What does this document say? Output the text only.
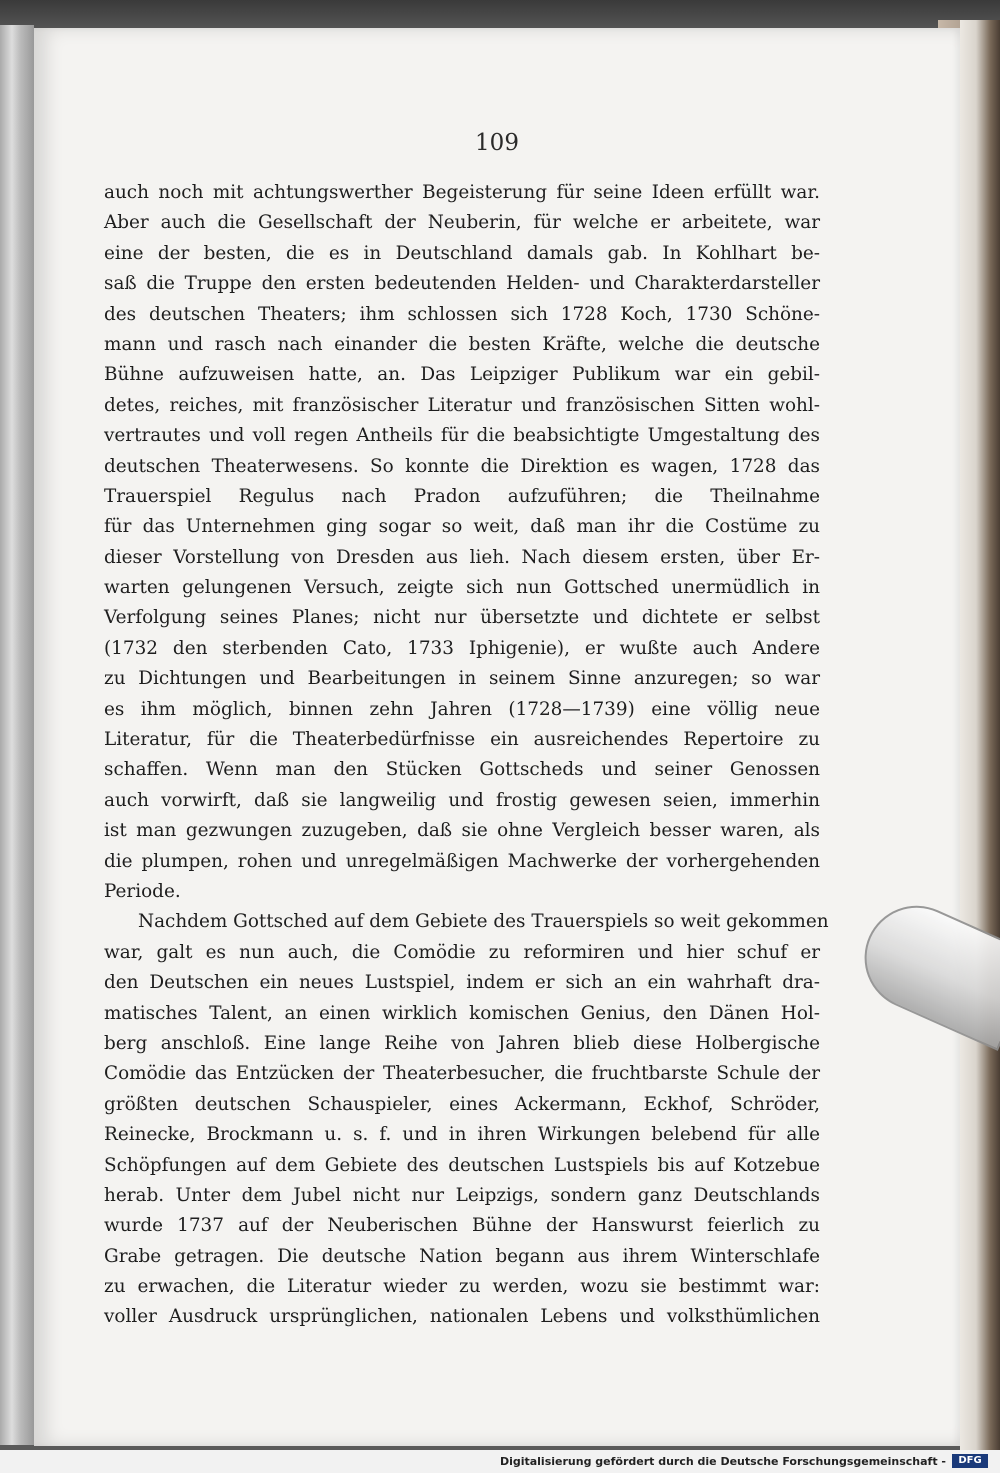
109
auch noch mit achtungswerther Begeisterung für seine Ideen erfüllt war.
Aber auch die Gesellschaft der Neuberin, für welche er arbeitete, war
eine der besten, die es in Deutschland damals gab. In Kohlhart be-
saß die Truppe den ersten bedeutenden Helden- und Charakterdarsteller
des deutschen Theaters; ihm schlossen sich 1728 Koch, 1730 Schöne-
mann und rasch nach einander die besten Kräfte, welche die deutsche
Bühne aufzuweisen hatte, an. Das Leipziger Publikum war ein gebil-
detes, reiches, mit französischer Literatur und französischen Sitten wohl-
vertrautes und voll regen Antheils für die beabsichtigte Umgestaltung des
deutschen Theaterwesens. So konnte die Direktion es wagen, 1728 das
Trauerspiel Regulus nach Pradon aufzuführen; die Theilnahme
für das Unternehmen ging sogar so weit, daß man ihr die Costüme zu
dieser Vorstellung von Dresden aus lieh. Nach diesem ersten, über Er-
warten gelungenen Versuch, zeigte sich nun Gottsched unermüdlich in
Verfolgung seines Planes; nicht nur übersetzte und dichtete er selbst
(1732 den sterbenden Cato, 1733 Iphigenie), er wußte auch Andere
zu Dichtungen und Bearbeitungen in seinem Sinne anzuregen; so war
es ihm möglich, binnen zehn Jahren (1728—1739) eine völlig neue
Literatur, für die Theaterbedürfnisse ein ausreichendes Repertoire zu
schaffen. Wenn man den Stücken Gottscheds und seiner Genossen
auch vorwirft, daß sie langweilig und frostig gewesen seien, immerhin
ist man gezwungen zuzugeben, daß sie ohne Vergleich besser waren, als
die plumpen, rohen und unregelmäßigen Machwerke der vorhergehenden
Periode.
Nachdem Gottsched auf dem Gebiete des Trauerspiels so weit gekommen
war, galt es nun auch, die Comödie zu reformiren und hier schuf er
den Deutschen ein neues Lustspiel, indem er sich an ein wahrhaft dra-
matisches Talent, an einen wirklich komischen Genius, den Dänen Hol-
berg anschloß. Eine lange Reihe von Jahren blieb diese Holbergische
Comödie das Entzücken der Theaterbesucher, die fruchtbarste Schule der
größten deutschen Schauspieler, eines Ackermann, Eckhof, Schröder,
Reinecke, Brockmann u. s. f. und in ihren Wirkungen belebend für alle
Schöpfungen auf dem Gebiete des deutschen Lustspiels bis auf Kotzebue
herab. Unter dem Jubel nicht nur Leipzigs, sondern ganz Deutschlands
wurde 1737 auf der Neuberischen Bühne der Hanswurst feierlich zu
Grabe getragen. Die deutsche Nation begann aus ihrem Winterschlafe
zu erwachen, die Literatur wieder zu werden, wozu sie bestimmt war:
voller Ausdruck ursprünglichen, nationalen Lebens und volksthümlichen
Digitalisierung gefördert durch die Deutsche Forschungsgemeinschaft -	DFG
